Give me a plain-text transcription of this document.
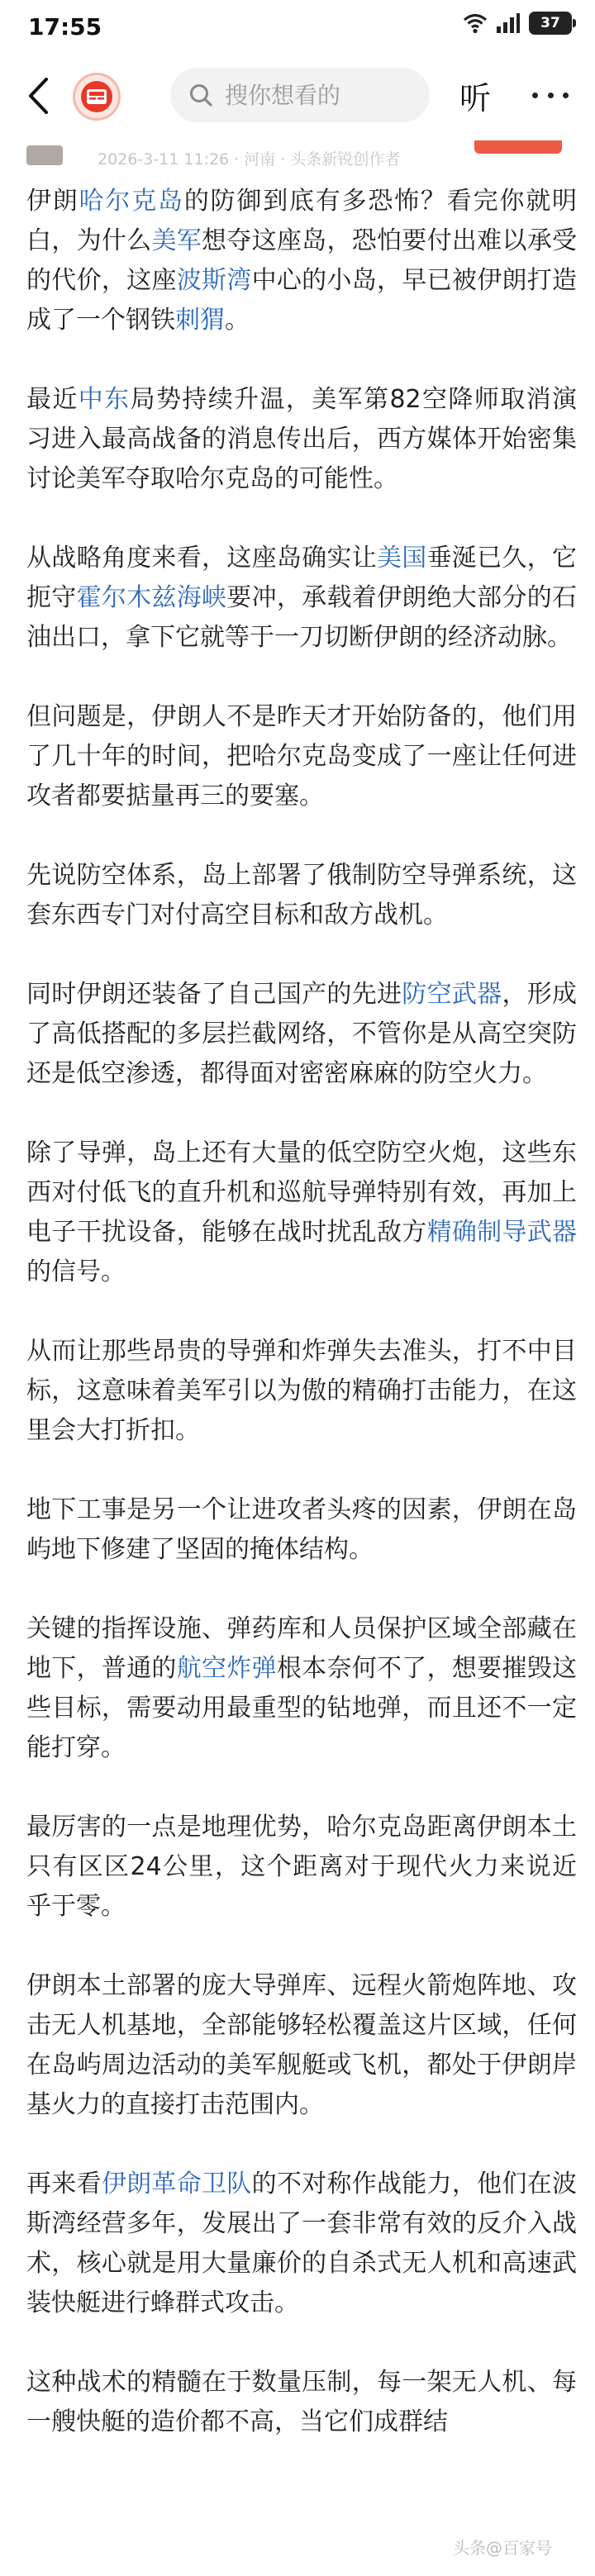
17:55	37
搜你想看的
听
2026-3-11 11:26 · 河南 · 头条新锐创作者

伊朗哈尔克岛的防御到底有多恐怖？看完你就明白，为什么美军想夺这座岛，恐怕要付出难以承受的代价，这座波斯湾中心的小岛，早已被伊朗打造成了一个钢铁刺猬。

最近中东局势持续升温，美军第82空降师取消演习进入最高战备的消息传出后，西方媒体开始密集讨论美军夺取哈尔克岛的可能性。

从战略角度来看，这座岛确实让美国垂涎已久，它扼守霍尔木兹海峡要冲，承载着伊朗绝大部分的石油出口，拿下它就等于一刀切断伊朗的经济动脉。

但问题是，伊朗人不是昨天才开始防备的，他们用了几十年的时间，把哈尔克岛变成了一座让任何进攻者都要掂量再三的要塞。

先说防空体系，岛上部署了俄制防空导弹系统，这套东西专门对付高空目标和敌方战机。

同时伊朗还装备了自己国产的先进防空武器，形成了高低搭配的多层拦截网络，不管你是从高空突防还是低空渗透，都得面对密密麻麻的防空火力。

除了导弹，岛上还有大量的低空防空火炮，这些东西对付低飞的直升机和巡航导弹特别有效，再加上电子干扰设备，能够在战时扰乱敌方精确制导武器的信号。

从而让那些昂贵的导弹和炸弹失去准头，打不中目标，这意味着美军引以为傲的精确打击能力，在这里会大打折扣。

地下工事是另一个让进攻者头疼的因素，伊朗在岛屿地下修建了坚固的掩体结构。

关键的指挥设施、弹药库和人员保护区域全部藏在地下，普通的航空炸弹根本奈何不了，想要摧毁这些目标，需要动用最重型的钻地弹，而且还不一定能打穿。

最厉害的一点是地理优势，哈尔克岛距离伊朗本土只有区区24公里，这个距离对于现代火力来说近乎于零。

伊朗本土部署的庞大导弹库、远程火箭炮阵地、攻击无人机基地，全部能够轻松覆盖这片区域，任何在岛屿周边活动的美军舰艇或飞机，都处于伊朗岸基火力的直接打击范围内。

再来看伊朗革命卫队的不对称作战能力，他们在波斯湾经营多年，发展出了一套非常有效的反介入战术，核心就是用大量廉价的自杀式无人机和高速武装快艇进行蜂群式攻击。

这种战术的精髓在于数量压制，每一架无人机、每一艘快艇的造价都不高，当它们成群结

头条@百家号
